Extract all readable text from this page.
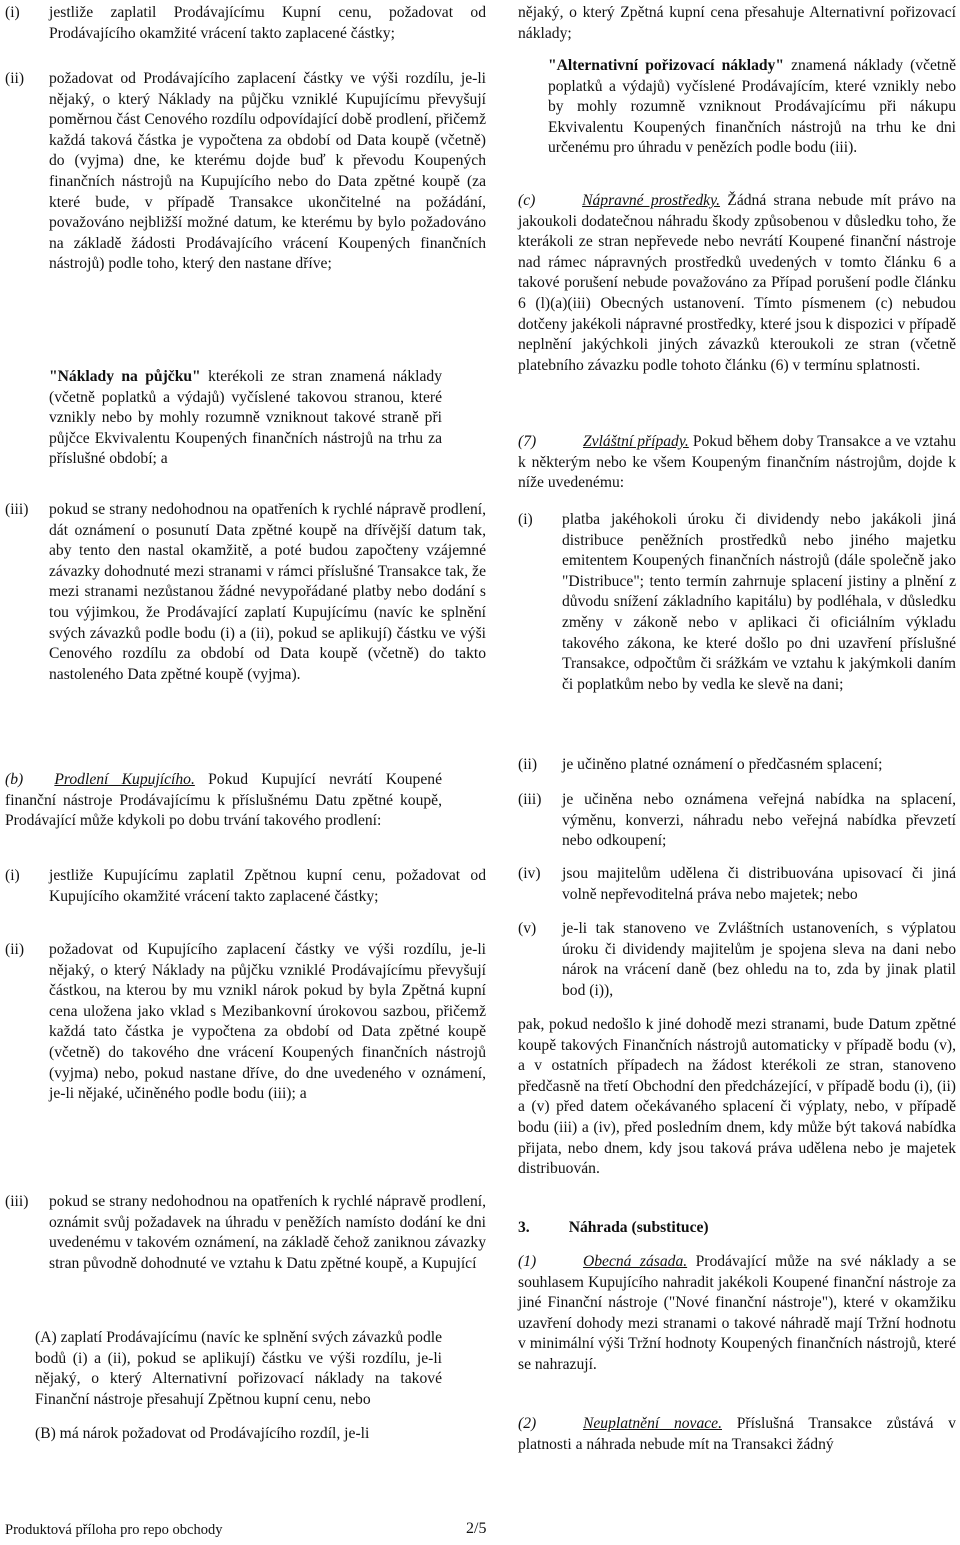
(i) jestliže zaplatil Prodávajícímu Kupní cenu, požadovat od Prodávajícího okamžité vrácení takto zaplacené částky;

(ii) požadovat od Prodávajícího zaplacení částky ve výši rozdílu, je-li nějaký, o který Náklady na půjčku vzniklé Kupujícímu převyšují poměrnou část Cenového rozdílu odpovídající době prodlení, přičemž každá taková částka je vypočtena za období od Data koupě (včetně) do (vyjma) dne, ke kterému dojde buď k převodu Koupených finančních nástrojů na Kupujícího nebo do Data zpětné koupě (za které bude, v případě Transakce ukončitelné na požádání, považováno nejbližší možné datum, ke kterému by bylo požadováno na základě žádosti Prodávajícího vrácení Koupených finančních nástrojů) podle toho, který den nastane dříve;

"Náklady na půjčku" kterékoli ze stran znamená náklady (včetně poplatků a výdajů) vyčíslené takovou stranou, které vznikly nebo by mohly rozumně vzniknout takové straně při půjčce Ekvivalentu Koupených finančních nástrojů na trhu za příslušné období; a

(iii) pokud se strany nedohodnou na opatřeních k rychlé nápravě prodlení, dát oznámení o posunutí Data zpětné koupě na dřívější datum tak, aby tento den nastal okamžitě, a poté budou započteny vzájemné závazky dohodnuté mezi stranami v rámci příslušné Transakce tak, že mezi stranami nezůstanou žádné nevypořádané platby nebo dodání s tou výjimkou, že Prodávající zaplatí Kupujícímu (navíc ke splnění svých závazků podle bodu (i) a (ii), pokud se aplikují) částku ve výši Cenového rozdílu za období od Data koupě (včetně) do takto nastoleného Data zpětné koupě (vyjma).

(b)   Prodlení Kupujícího. Pokud Kupující nevrátí Koupené finanční nástroje Prodávajícímu k příslušnému Datu zpětné koupě, Prodávající může kdykoli po dobu trvání takového prodlení:

(i) jestliže Kupujícímu zaplatil Zpětnou kupní cenu, požadovat od Kupujícího okamžité vrácení takto zaplacené částky;

(ii) požadovat od Kupujícího zaplacení částky ve výši rozdílu, je-li nějaký, o který Náklady na půjčku vzniklé Prodávajícímu převyšují částkou, na kterou by mu vznikl nárok pokud by byla Zpětná kupní cena uložena jako vklad s Mezibankovní úrokovou sazbou, přičemž každá tato částka je vypočtena za období od Data zpětné koupě (včetně) do takového dne vrácení Koupených finančních nástrojů (vyjma) nebo, pokud nastane dříve, do dne uvedeného v oznámení, je-li nějaké, učiněného podle bodu (iii); a

(iii) pokud se strany nedohodnou na opatřeních k rychlé nápravě prodlení, oznámit svůj požadavek na úhradu v peněžích namísto dodání ke dni uvedenému v takovém oznámení, na základě čehož zaniknou závazky stran původně dohodnuté ve vztahu k Datu zpětné koupě, a Kupující

(A) zaplatí Prodávajícímu (navíc ke splnění svých závazků podle bodů (i) a (ii), pokud se aplikují) částku ve výši rozdílu, je-li nějaký, o který Alternativní pořizovací náklady na takové Finanční nástroje přesahují Zpětnou kupní cenu, nebo

(B) má nárok požadovat od Prodávajícího rozdíl, je-li

nějaký, o který Zpětná kupní cena přesahuje Alternativní pořizovací náklady;

"Alternativní pořizovací náklady" znamená náklady (včetně poplatků a výdajů) vyčíslené Prodávajícím, které vznikly nebo by mohly rozumně vzniknout Prodávajícímu při nákupu Ekvivalentu Koupených finančních nástrojů na trhu ke dni určenému pro úhradu v penězích podle bodu (iii).

(c)   	Nápravné prostředky. Žádná strana nebude mít právo na jakoukoli dodatečnou náhradu škody způsobenou v důsledku toho, že kterákoli ze stran nepřevede nebo nevrátí Koupené finanční nástroje nad rámec nápravných prostředků uvedených v tomto článku 6 a takové porušení nebude považováno za Případ porušení podle článku 6 (l)(a)(iii) Obecných ustanovení. Tímto písmenem (c) nebudou dotčeny jakékoli nápravné prostředky, které jsou k dispozici v případě neplnění jakýchkoli jiných závazků kteroukoli ze stran (včetně platebního závazku podle tohoto článku (6) v termínu splatnosti.

(7)   	Zvláštní případy. Pokud během doby Transakce a ve vztahu k některým nebo ke všem Koupeným finančním nástrojům, dojde k níže uvedenému:

(i) platba jakéhokoli úroku či dividendy nebo jakákoli jiná distribuce peněžních prostředků nebo jiného majetku emitentem Koupených finančních nástrojů (dále společně jako "Distribuce"; tento termín zahrnuje splacení jistiny a plnění z důvodu snížení základního kapitálu) by podléhala, v důsledku změny v zákoně nebo v aplikaci či oficiálním výkladu takového zákona, ke které došlo po dni uzavření příslušné Transakce, odpočtům či srážkám ve vztahu k jakýmkoli daním či poplatkům nebo by vedla ke slevě na dani;

(ii) je učiněno platné oznámení o předčasném splacení;

(iii) je učiněna nebo oznámena veřejná nabídka na splacení, výměnu, konverzi, náhradu nebo veřejná nabídka převzetí nebo odkoupení;

(iv) jsou majitelům udělena či distribuována upisovací či jiná volně nepřevoditelná práva nebo majetek; nebo

(v) je-li tak stanoveno ve Zvláštních ustanoveních, s výplatou úroku či dividendy majitelům je spojena sleva na dani nebo nárok na vrácení daně (bez ohledu na to, zda by jinak platil bod (i)),

pak, pokud nedošlo k jiné dohodě mezi stranami, bude Datum zpětné koupě takových Finančních nástrojů automaticky v případě bodu (v), a v ostatních případech na žádost kterékoli ze stran, stanoveno předčasně na třetí Obchodní den předcházející, v případě bodu (i), (ii) a (v) před datem očekávaného splacení či výplaty, nebo, v případě bodu (iii) a (iv), před posledním dnem, kdy může být taková nabídka přijata, nebo dnem, kdy jsou taková práva udělena nebo je majetek distribuován.

3.    Náhrada (substituce)

(1)   	Obecná zásada. Prodávající může na své náklady a se souhlasem Kupujícího nahradit jakékoli Koupené finanční nástroje za jiné Finanční nástroje ("Nové finanční nástroje"), které v okamžiku uzavření dohody mezi stranami o takové náhradě mají Tržní hodnotu v minimální výši Tržní hodnoty Koupených finančních nástrojů, které se nahrazují.

(2)   	Neuplatnění novace. Příslušná Transakce zůstává v platnosti a náhrada nebude mít na Transakci žádný

Produktová příloha pro repo obchody	2/5
